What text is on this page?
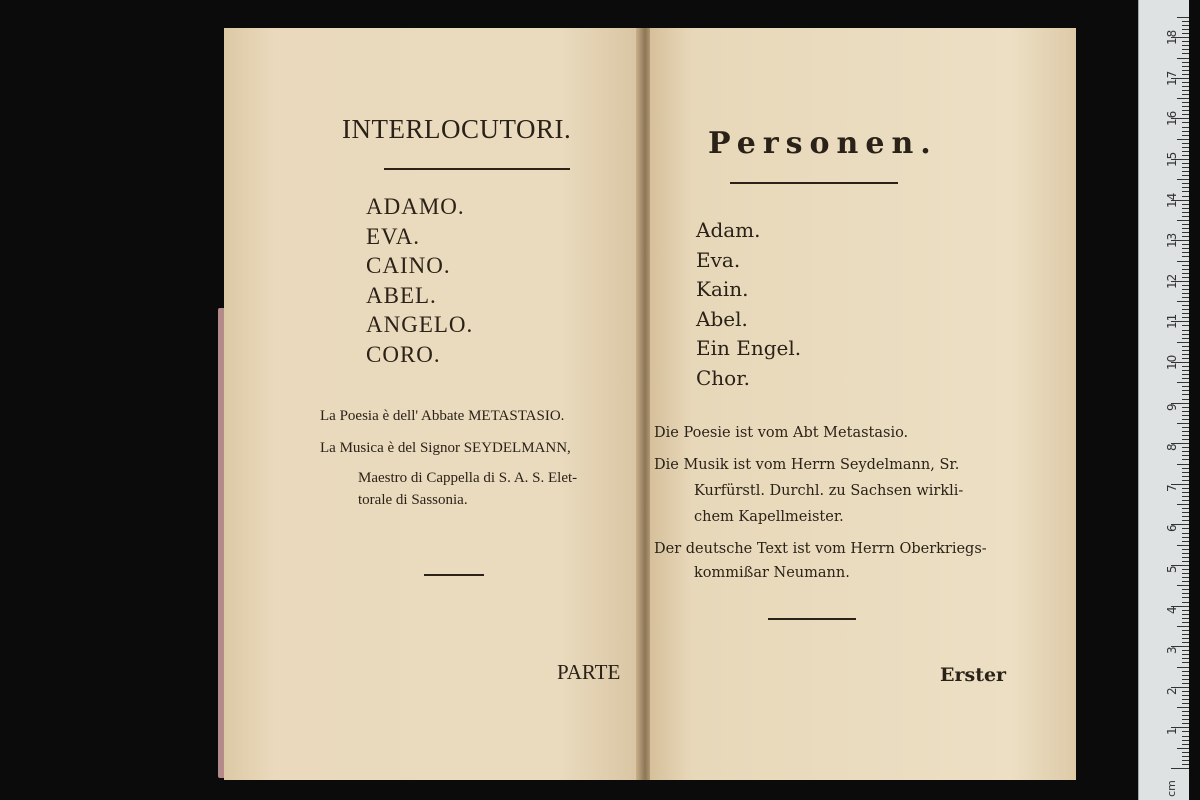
INTERLOCUTORI.
ADAMO.
EVA.
CAINO.
ABEL.
ANGELO.
CORO.
La Poesia è dell' Abbate METASTASIO.
La Musica è del Signor SEYDELMANN,
Maestro di Cappella di S. A. S. Elet-
torale di Sassonia.
PARTE
Personen.
Adam.
Eva.
Kain.
Abel.
Ein Engel.
Chor.
Die Poesie ist vom Abt Metastasio.
Die Musik ist vom Herrn Seydelmann, Sr.
Kurfürstl. Durchl. zu Sachsen wirkli-
chem Kapellmeister.
Der deutsche Text ist vom Herrn Oberkriegs-
kommißar Neumann.
Erster
cm
1
2
3
4
5
6
7
8
9
10
11
12
13
14
15
16
17
18
